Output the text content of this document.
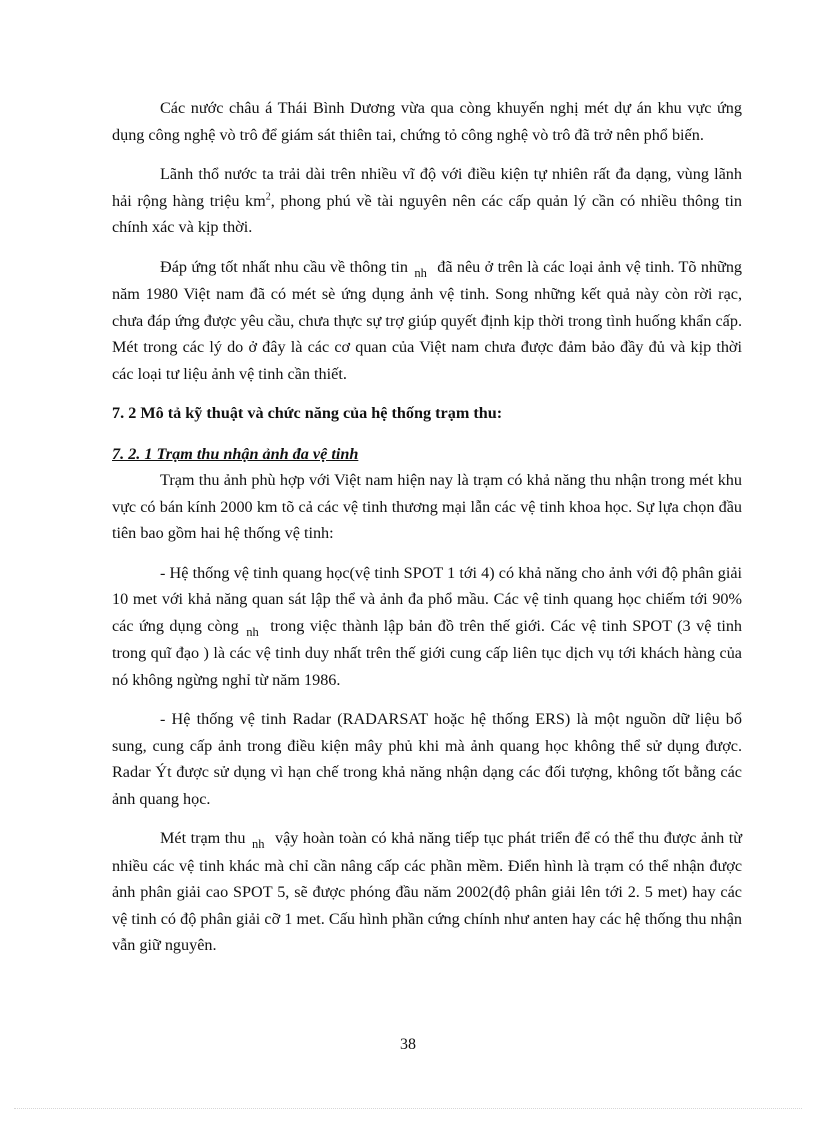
Các nước châu á Thái Bình Dương vừa qua còng khuyến nghị mét dự án khu vực ứng dụng công nghệ vò trô để giám sát thiên tai, chứng tỏ công nghệ vò trô đã trở nên phổ biến.

Lãnh thổ nước ta trải dài trên nhiều vĩ độ với điều kiện tự nhiên rất đa dạng, vùng lãnh hải rộng hàng triệu $km^2$, phong phú về tài nguyên nên các cấp quản lý cần có nhiều thông tin chính xác và kịp thời.

Đáp ứng tốt nhất nhu cầu về thông tin $_{nh}$ đã nêu ở trên là các loại ảnh vệ tinh. Tõ những năm 1980 Việt nam đã có mét sè ứng dụng ảnh vệ tinh. Song những kết quả này còn rời rạc, chưa đáp ứng được yêu cầu, chưa thực sự trợ giúp quyết định kịp thời trong tình huống khẩn cấp. Mét trong các lý do ở đây là các cơ quan của Việt nam chưa được đảm bảo đầy đủ và kịp thời các loại tư liệu ảnh vệ tinh cần thiết.

7. 2 Mô tả kỹ thuật và chức năng của hệ thống trạm thu:

7. 2. 1 Trạm thu nhận ảnh đa vệ tinh

Trạm thu ảnh phù hợp với Việt nam hiện nay là trạm có khả năng thu nhận trong mét khu vực có bán kính 2000 km tõ cả các vệ tinh thương mại lẫn các vệ tinh khoa học. Sự lựa chọn đầu tiên bao gồm hai hệ thống vệ tinh:

- Hệ thống vệ tinh quang học(vệ tinh SPOT 1 tới 4) có khả năng cho ảnh với độ phân giải 10 met với khả năng quan sát lập thể và ảnh đa phổ mầu. Các vệ tinh quang học chiếm tới 90% các ứng dụng còng $_{nh}$ trong việc thành lập bản đồ trên thế giới. Các vệ tinh SPOT (3 vệ tinh trong quĩ đạo ) là các vệ tinh duy nhất trên thế giới cung cấp liên tục dịch vụ tới khách hàng của nó không ngừng nghỉ từ năm 1986.

- Hệ thống vệ tinh Radar (RADARSAT hoặc hệ thống ERS) là một nguồn dữ liệu bổ sung, cung cấp ảnh trong điều kiện mây phủ khi mà ảnh quang học không thể sử dụng được. Radar Ýt được sử dụng vì hạn chế trong khả năng nhận dạng các đối tượng, không tốt bằng các ảnh quang học.

Mét trạm thu $_{nh}$ vậy hoàn toàn có khả năng tiếp tục phát triển để có thể thu được ảnh từ nhiều các vệ tinh khác mà chỉ cần nâng cấp các phần mềm. Điển hình là trạm có thể nhận được ảnh phân giải cao SPOT 5, sẽ được phóng đầu năm 2002(độ phân giải lên tới 2. 5 met) hay các vệ tinh có độ phân giải cỡ 1 met. Cấu hình phần cứng chính như anten hay các hệ thống thu nhận vẫn giữ nguyên.

38
